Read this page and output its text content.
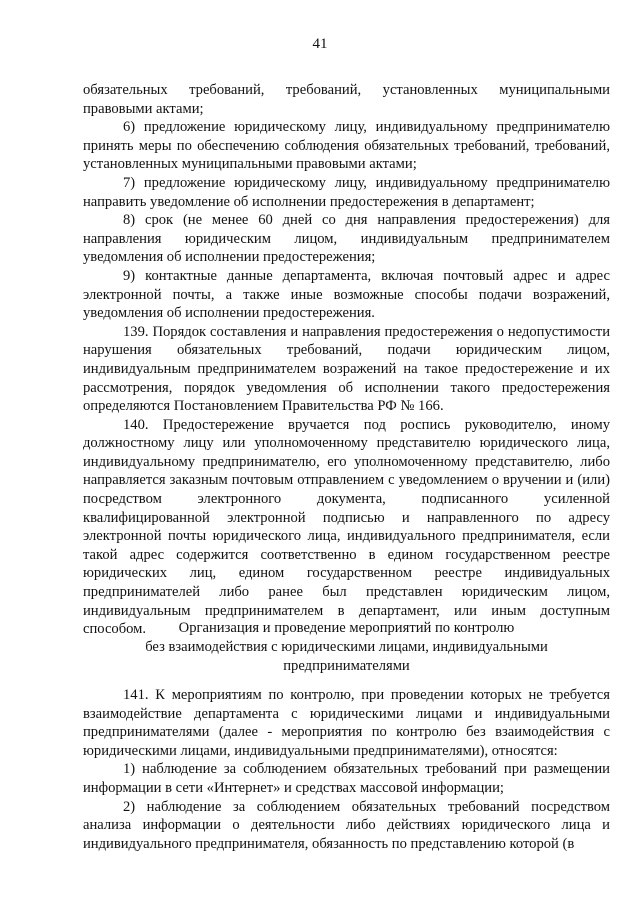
41

обязательных требований, требований, установленных муниципальными правовыми актами;

6) предложение юридическому лицу, индивидуальному предпринимателю принять меры по обеспечению соблюдения обязательных требований, требований, установленных муниципальными правовыми актами;

7) предложение юридическому лицу, индивидуальному предпринимателю направить уведомление об исполнении предостережения в департамент;

8) срок (не менее 60 дней со дня направления предостережения) для направления юридическим лицом, индивидуальным предпринимателем уведомления об исполнении предостережения;

9) контактные данные департамента, включая почтовый адрес и адрес электронной почты, а также иные возможные способы подачи возражений, уведомления об исполнении предостережения.

139. Порядок составления и направления предостережения о недопустимости нарушения обязательных требований, подачи юридическим лицом, индивидуальным предпринимателем возражений на такое предостережение и их рассмотрения, порядок уведомления об исполнении такого предостережения определяются Постановлением Правительства РФ № 166.

140. Предостережение вручается под роспись руководителю, иному должностному лицу или уполномоченному представителю юридического лица, индивидуальному предпринимателю, его уполномоченному представителю, либо направляется заказным почтовым отправлением с уведомлением о вручении и (или) посредством электронного документа, подписанного усиленной квалифицированной электронной подписью и направленного по адресу электронной почты юридического лица, индивидуального предпринимателя, если такой адрес содержится соответственно в едином государственном реестре юридических лиц, едином государственном реестре индивидуальных предпринимателей либо ранее был представлен юридическим лицом, индивидуальным предпринимателем в департамент, или иным доступным способом.	Организация и проведение мероприятий по контролю
без взаимодействия с юридическими лицами, индивидуальными
предпринимателями

141. К мероприятиям по контролю, при проведении которых не требуется взаимодействие департамента с юридическими лицами и индивидуальными предпринимателями (далее - мероприятия по контролю без взаимодействия с юридическими лицами, индивидуальными предпринимателями), относятся:

1) наблюдение за соблюдением обязательных требований при размещении информации в сети «Интернет» и средствах массовой информации;

2) наблюдение за соблюдением обязательных требований посредством анализа информации о деятельности либо действиях юридического лица и индивидуального предпринимателя, обязанность по представлению которой (в
